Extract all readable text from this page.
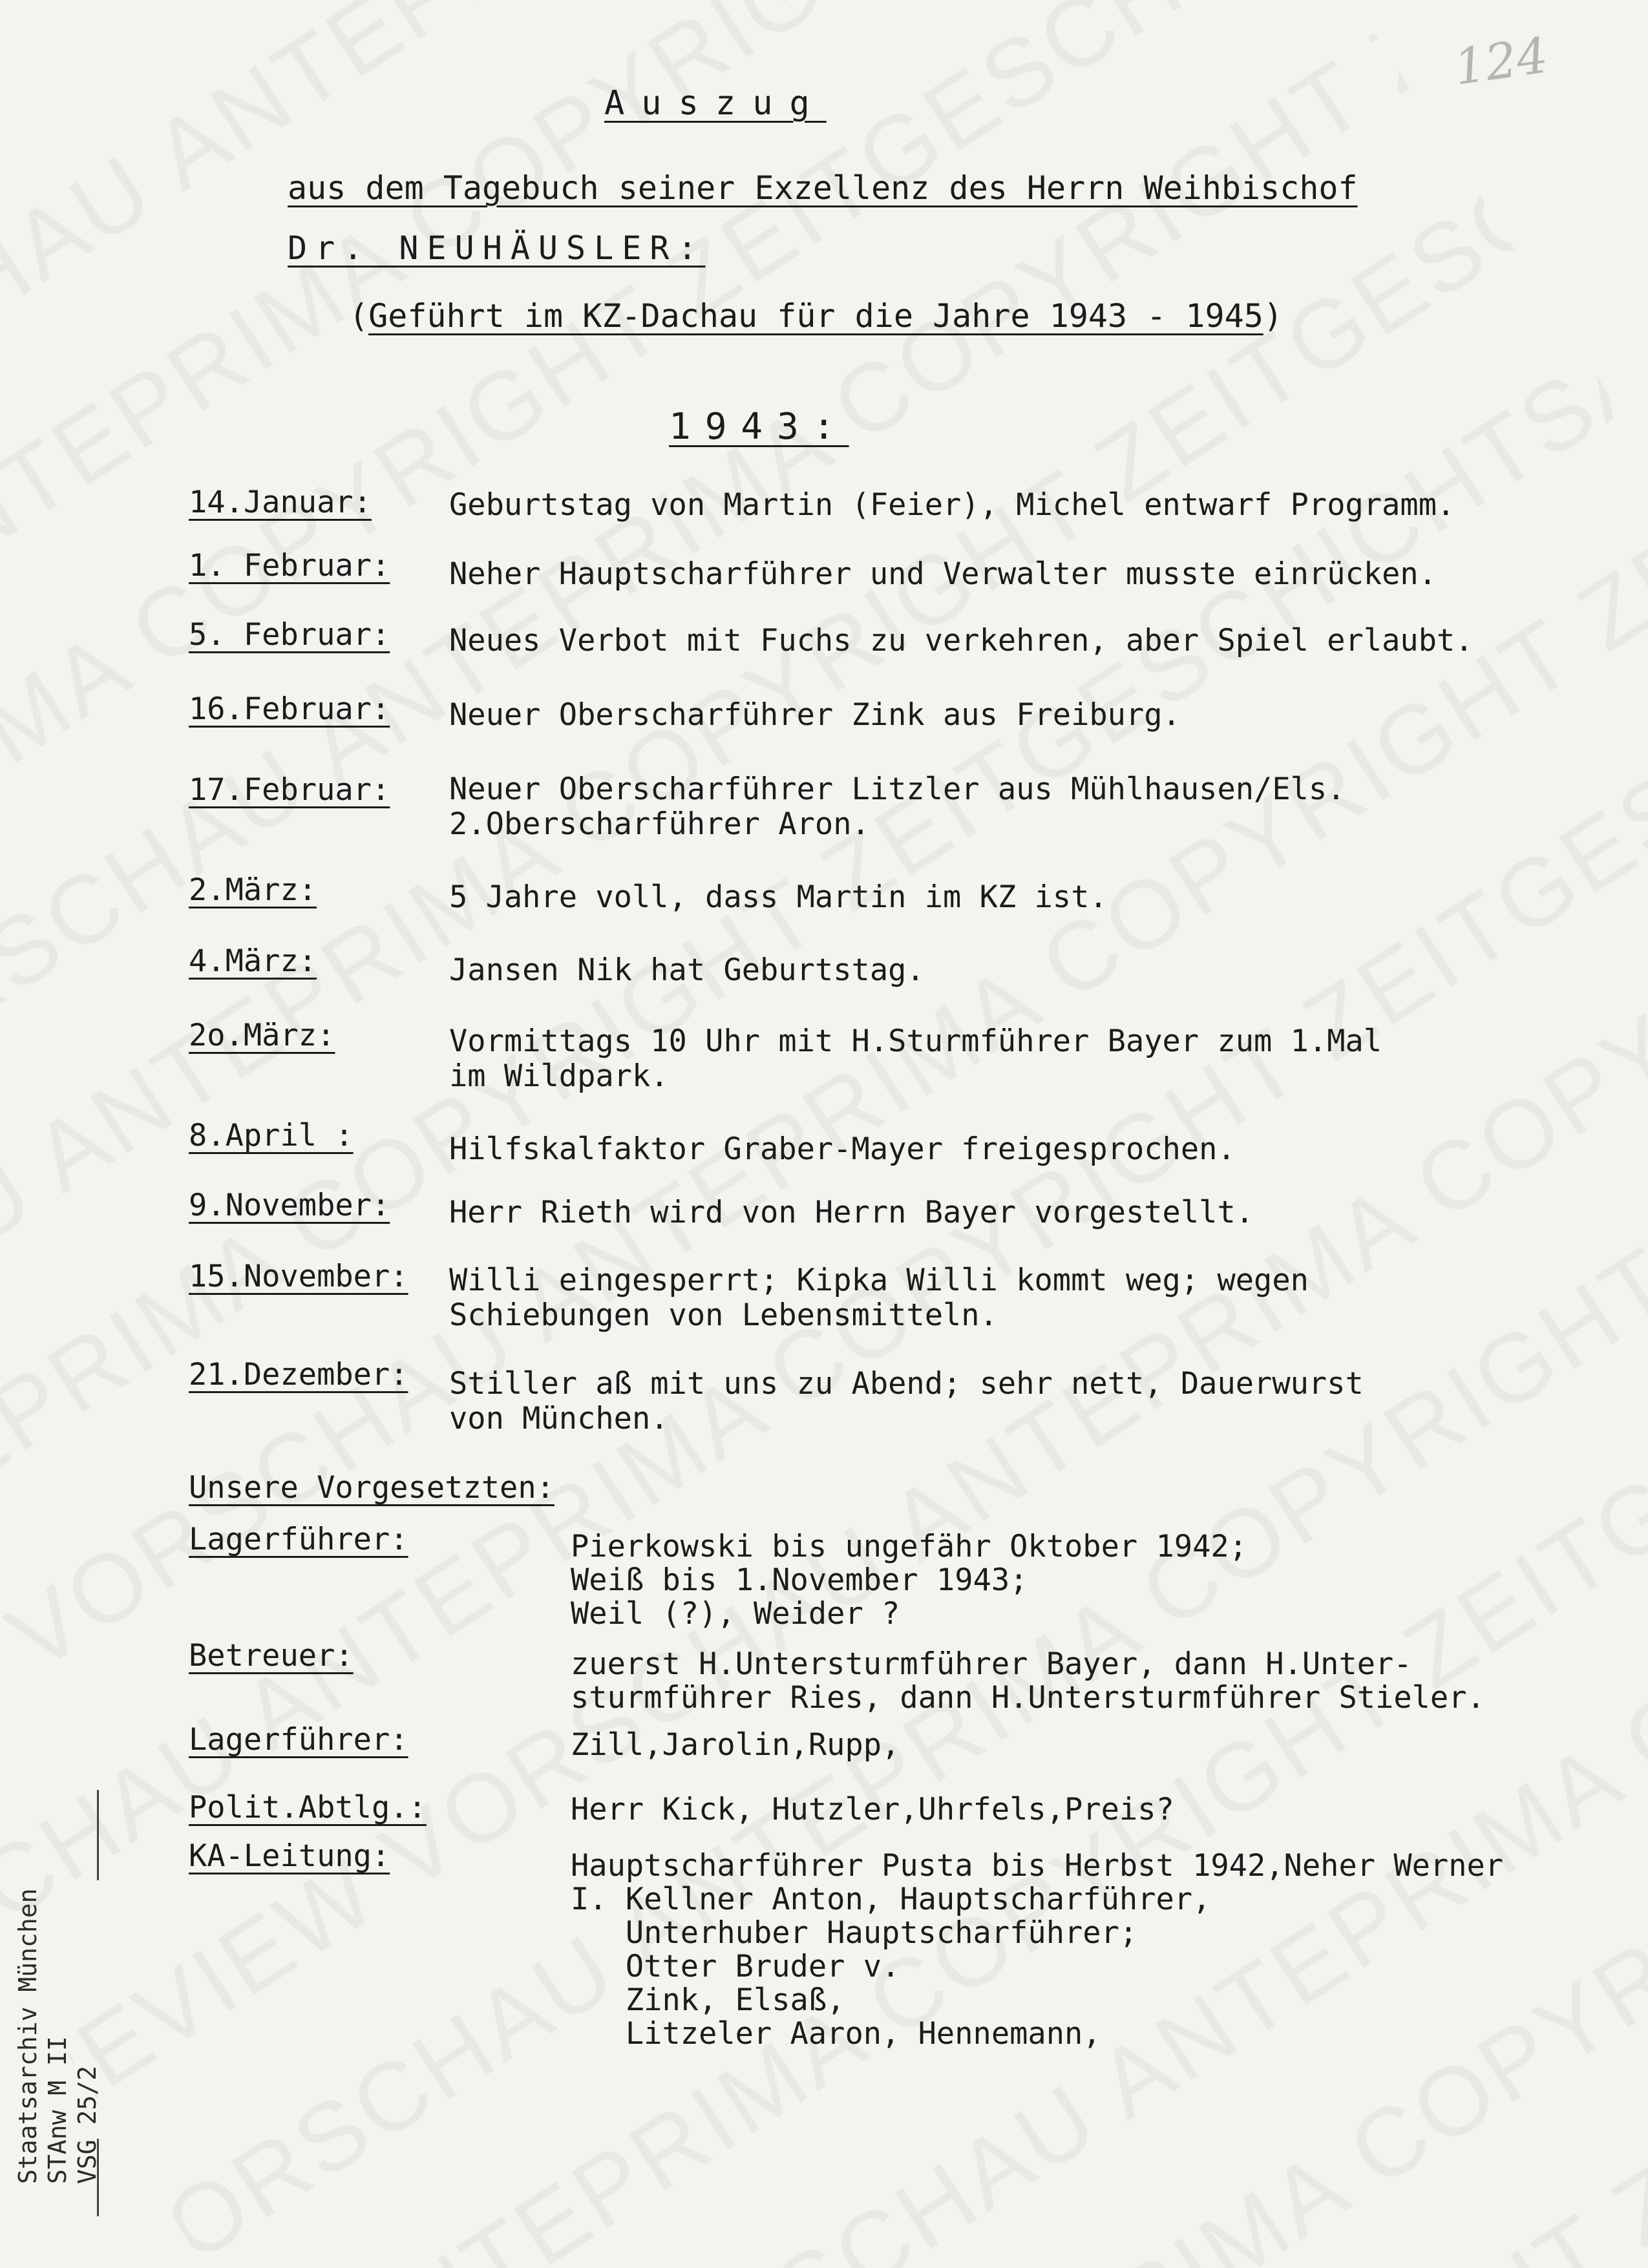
124
Auszug
aus dem Tagebuch seiner Exzellenz des Herrn Weihbischof
Dr. NEUHÄUSLER:
(Geführt im KZ-Dachau für die Jahre 1943 - 1945)
1943:
14.Januar:	Geburtstag von Martin (Feier), Michel entwarf Programm.
1. Februar: Neher Hauptscharführer und Verwalter musste einrücken.
5. Februar: Neues Verbot mit Fuchs zu verkehren, aber Spiel erlaubt.
16.Februar: Neuer Oberscharführer Zink aus Freiburg.
17.Februar: Neuer Oberscharführer Litzler aus Mühlhausen/Els.
2.Oberscharführer Aron.
2.März:	5 Jahre voll, dass Martin im KZ ist.
4.März:	Jansen Nik hat Geburtstag.
2o.März:	Vormittags 10 Uhr mit H.Sturmführer Bayer zum 1.Mal
im Wildpark.
8.April :	Hilfskalfaktor Graber-Mayer freigesprochen.
9.November: Herr Rieth wird von Herrn Bayer vorgestellt.
15.November: Willi eingesperrt; Kipka Willi kommt weg; wegen
Schiebungen von Lebensmitteln.
21.Dezember: Stiller aß mit uns zu Abend; sehr nett, Dauerwurst
von München.
Unsere Vorgesetzten:
Lagerführer:	Pierkowski bis ungefähr Oktober 1942;
Weiß bis 1.November 1943;
Weil (?), Weider ?
Betreuer:	zuerst H.Untersturmführer Bayer, dann H.Unter-
sturmführer Ries, dann H.Untersturmführer Stieler.
Lagerführer:	Zill,Jarolin,Rupp,
Polit.Abtlg.:	Herr Kick, Hutzler,Uhrfels,Preis?
KA-Leitung:	Hauptscharführer Pusta bis Herbst 1942,Neher Werner
I. Kellner Anton, Hauptscharführer,
Unterhuber Hauptscharführer;
Otter Bruder v.
Zink, Elsaß,
Litzeler Aaron, Hennemann,
Staatsarchiv München
STAnw M II
VSG 25/2
